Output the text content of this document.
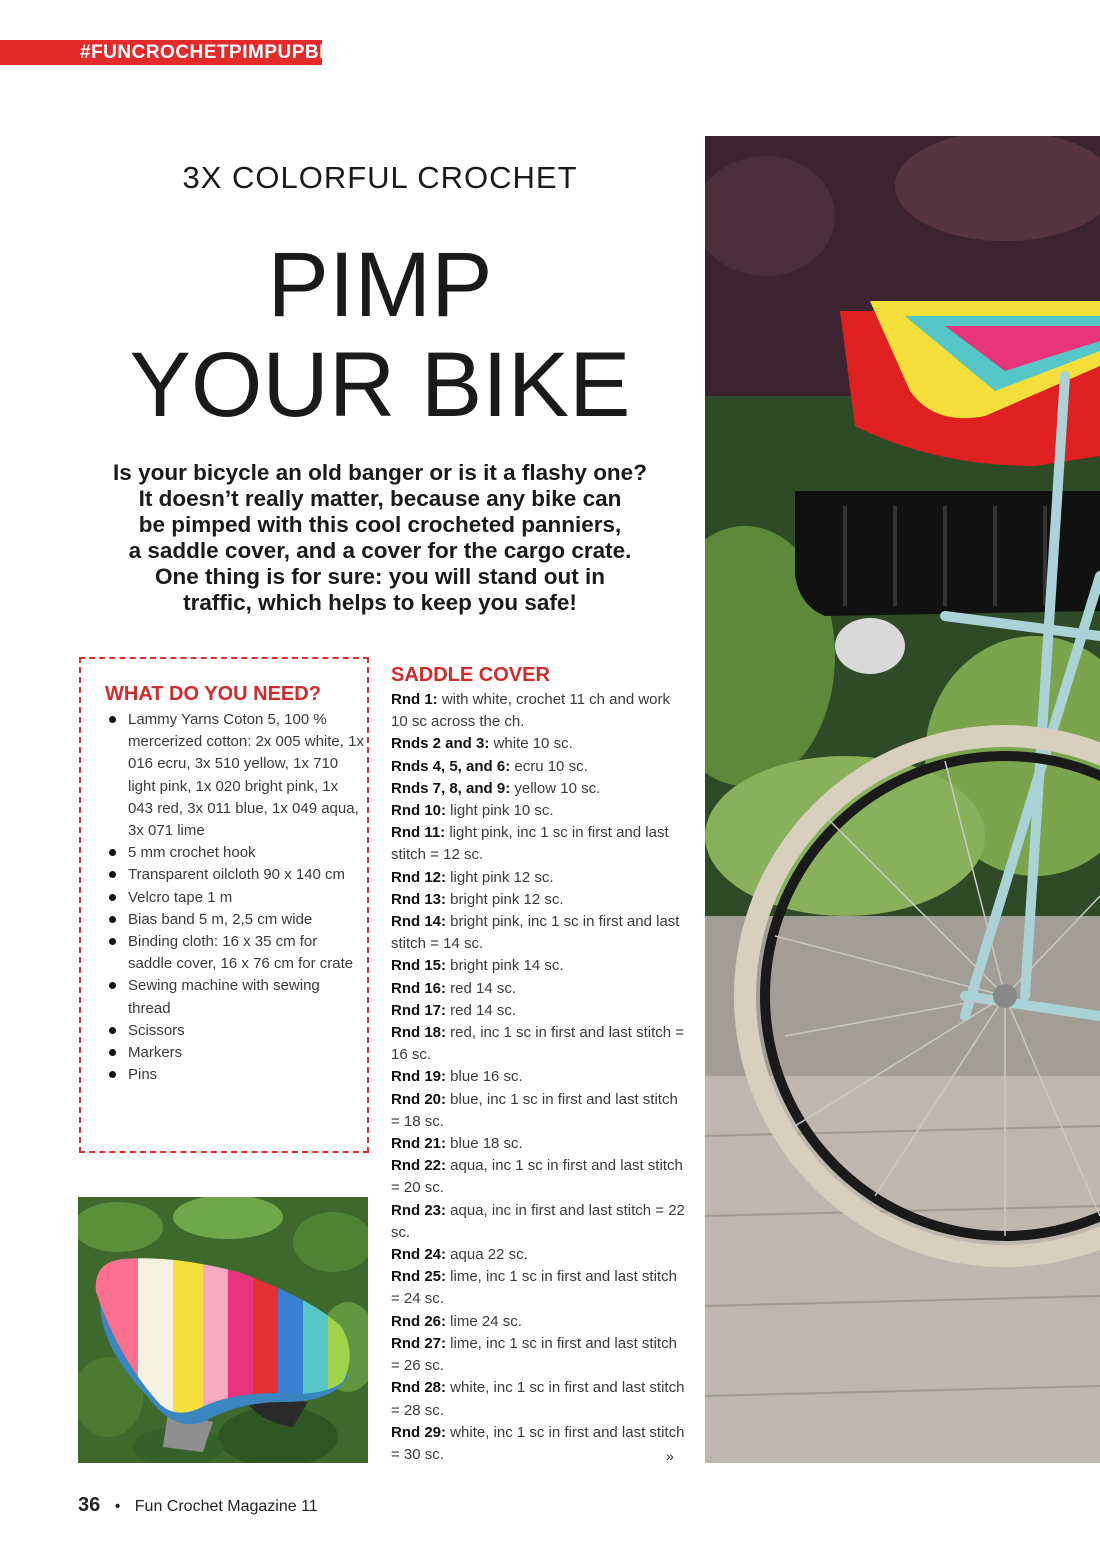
#FUNCROCHETPIMPUPBIKE
3X COLORFUL CROCHET
PIMP
YOUR BIKE
Is your bicycle an old banger or is it a flashy one?
It doesn’t really matter, because any bike can
be pimped with this cool crocheted panniers,
a saddle cover, and a cover for the cargo crate.
One thing is for sure: you will stand out in
traffic, which helps to keep you safe!
WHAT DO YOU NEED?
Lammy Yarns Coton 5, 100 % mercerized cotton: 2x 005 white, 1x 016 ecru, 3x 510 yellow, 1x 710 light pink, 1x 020 bright pink, 1x 043 red, 3x 011 blue, 1x 049 aqua, 3x 071 lime
5 mm crochet hook
Transparent oilcloth 90 x 140 cm
Velcro tape 1 m
Bias band 5 m, 2,5 cm wide
Binding cloth: 16 x 35 cm for saddle cover, 16 x 76 cm for crate
Sewing machine with sewing thread
Scissors
Markers
Pins
SADDLE COVER

Rnd 1: with white, crochet 11 ch and work 10 sc across the ch.

Rnds 2 and 3: white 10 sc.

Rnds 4, 5, and 6: ecru 10 sc.

Rnds 7, 8, and 9: yellow 10 sc.

Rnd 10: light pink 10 sc.

Rnd 11: light pink, inc 1 sc in first and last stitch = 12 sc.

Rnd 12: light pink 12 sc.

Rnd 13: bright pink 12 sc.

Rnd 14: bright pink, inc 1 sc in first and last stitch = 14 sc.

Rnd 15: bright pink 14 sc.

Rnd 16: red 14 sc.

Rnd 17: red 14 sc.

Rnd 18: red, inc 1 sc in first and last stitch = 16 sc.

Rnd 19: blue 16 sc.

Rnd 20: blue, inc 1 sc in first and last stitch = 18 sc.

Rnd 21: blue 18 sc.

Rnd 22: aqua, inc 1 sc in first and last stitch = 20 sc.

Rnd 23: aqua, inc in first and last stitch = 22 sc.

Rnd 24: aqua 22 sc.

Rnd 25: lime, inc 1 sc in first and last stitch = 24 sc.

Rnd 26: lime 24 sc.

Rnd 27: lime, inc 1 sc in first and last stitch = 26 sc.

Rnd 28: white, inc 1 sc in first and last stitch = 28 sc.

Rnd 29: white, inc 1 sc in first and last stitch = 30 sc.	»
36 • Fun Crochet Magazine 11
